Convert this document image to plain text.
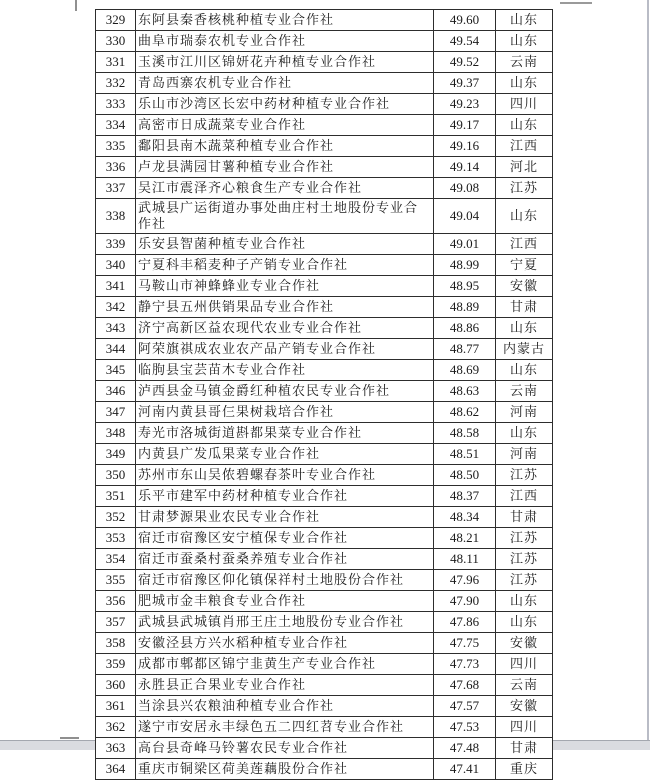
329	东阿县秦香核桃种植专业合作社	49.60	山东
330	曲阜市瑞泰农机专业合作社	49.54	山东
331	玉溪市江川区锦妍花卉种植专业合作社	49.52	云南
332	青岛西寨农机专业合作社	49.37	山东
333	乐山市沙湾区长宏中药材种植专业合作社	49.23	四川
334	高密市日成蔬菜专业合作社	49.17	山东
335	鄱阳县南木蔬菜种植专业合作社	49.16	江西
336	卢龙县满园甘薯种植专业合作社	49.14	河北
337	吴江市震泽齐心粮食生产专业合作社	49.08	江苏
338	武城县广运街道办事处曲庄村土地股份专业合作社	49.04	山东
339	乐安县智菌种植专业合作社	49.01	江西
340	宁夏科丰稻麦种子产销专业合作社	48.99	宁夏
341	马鞍山市神蜂蜂业专业合作社	48.95	安徽
342	静宁县五州供销果品专业合作社	48.89	甘肃
343	济宁高新区益农现代农业专业合作社	48.86	山东
344	阿荣旗祺成农业农产品产销专业合作社	48.77	内蒙古
345	临朐县宝芸苗木专业合作社	48.69	山东
346	泸西县金马镇金爵红种植农民专业合作社	48.63	云南
347	河南内黄县哥仨果树栽培合作社	48.62	河南
348	寿光市洛城街道斟都果菜专业合作社	48.58	山东
349	内黄县广发瓜果菜专业合作社	48.51	河南
350	苏州市东山吴侬碧螺春茶叶专业合作社	48.50	江苏
351	乐平市建军中药材种植专业合作社	48.37	江西
352	甘肃梦源果业农民专业合作社	48.34	甘肃
353	宿迁市宿豫区安宁植保专业合作社	48.21	江苏
354	宿迁市蚕桑村蚕桑养殖专业合作社	48.11	江苏
355	宿迁市宿豫区仰化镇保祥村土地股份合作社	47.96	江苏
356	肥城市金丰粮食专业合作社	47.90	山东
357	武城县武城镇肖邢王庄土地股份专业合作社	47.86	山东
358	安徽泾县方兴水稻种植专业合作社	47.75	安徽
359	成都市郫都区锦宁韭黄生产专业合作社	47.73	四川
360	永胜县正合果业专业合作社	47.68	云南
361	当涂县兴农粮油种植专业合作社	47.57	安徽
362	遂宁市安居永丰绿色五二四红苕专业合作社	47.53	四川
363	高台县奇峰马铃薯农民专业合作社	47.48	甘肃
364	重庆市铜梁区荷美莲藕股份合作社	47.41	重庆
